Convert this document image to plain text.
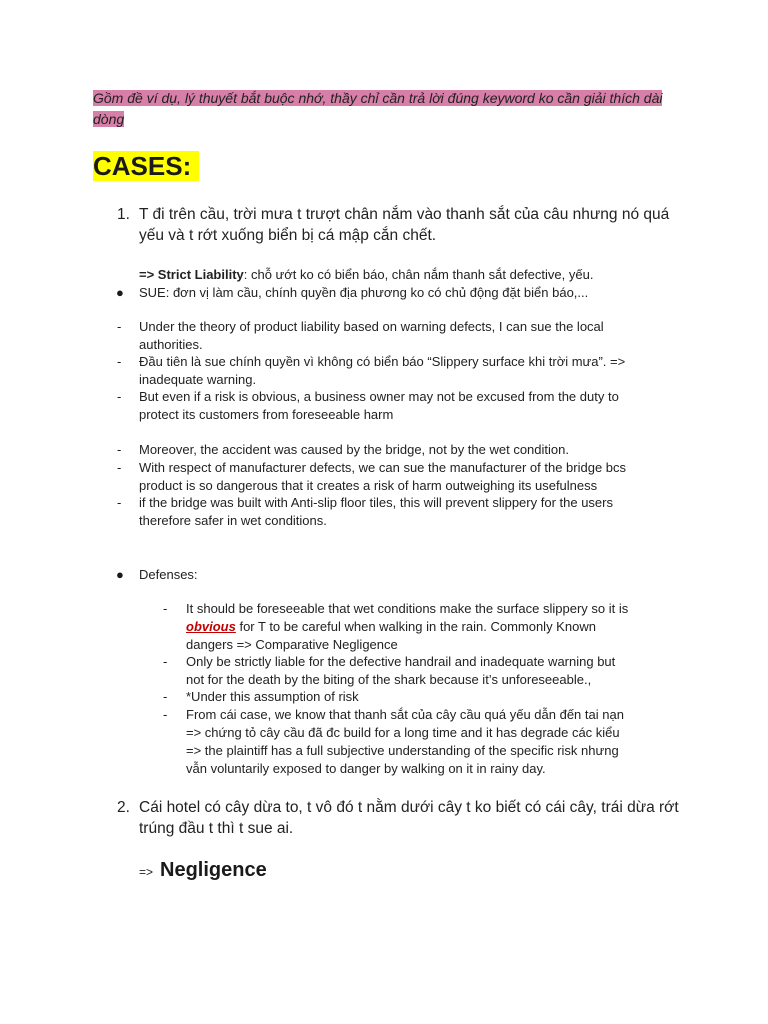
Gồm đề ví dụ, lý thuyết bắt buộc nhớ, thầy chỉ cần trả lời đúng keyword ko cần giải thích dài dòng
CASES:
1. T đi trên cầu, trời mưa t trượt chân nắm vào thanh sắt của câu nhưng nó quá yếu và t rớt xuống biển bị cá mập cắn chết.
=> Strict Liability: chỗ ướt ko có biển báo, chân nắm thanh sắt defective, yếu.
● SUE: đơn vị làm cầu, chính quyền địa phương ko có chủ động đặt biển báo,...
- Under the theory of product liability based on warning defects, I can sue the local
authorities.
- Đầu tiên là sue chính quyền vì không có biển báo “Slippery surface khi trời mưa”. =>
inadequate warning.
- But even if a risk is obvious, a business owner may not be excused from the duty to
protect its customers from foreseeable harm
- Moreover, the accident was caused by the bridge, not by the wet condition.
- With respect of manufacturer defects, we can sue the manufacturer of the bridge bcs
product is so dangerous that it creates a risk of harm outweighing its usefulness
- if the bridge was built with Anti-slip floor tiles, this will prevent slippery for the users
therefore safer in wet conditions.
● Defenses:
- It should be foreseeable that wet conditions make the surface slippery so it is
obvious for T to be careful when walking in the rain. Commonly Known
dangers => Comparative Negligence
- Only be strictly liable for the defective handrail and inadequate warning but
not for the death by the biting of the shark because it’s unforeseeable.,
- *Under this assumption of risk
- From cái case, we know that thanh sắt của cây cầu quá yếu dẫn đến tai nạn
=> chứng tỏ cây cầu đã đc build for a long time and it has degrade các kiểu
=> the plaintiff has a full subjective understanding of the specific risk nhưng
vẫn voluntarily exposed to danger by walking on it in rainy day.
2. Cái hotel có cây dừa to, t vô đó t nằm dưới cây t ko biết có cái cây, trái dừa rớt trúng đầu t thì t sue ai.
=> Negligence
